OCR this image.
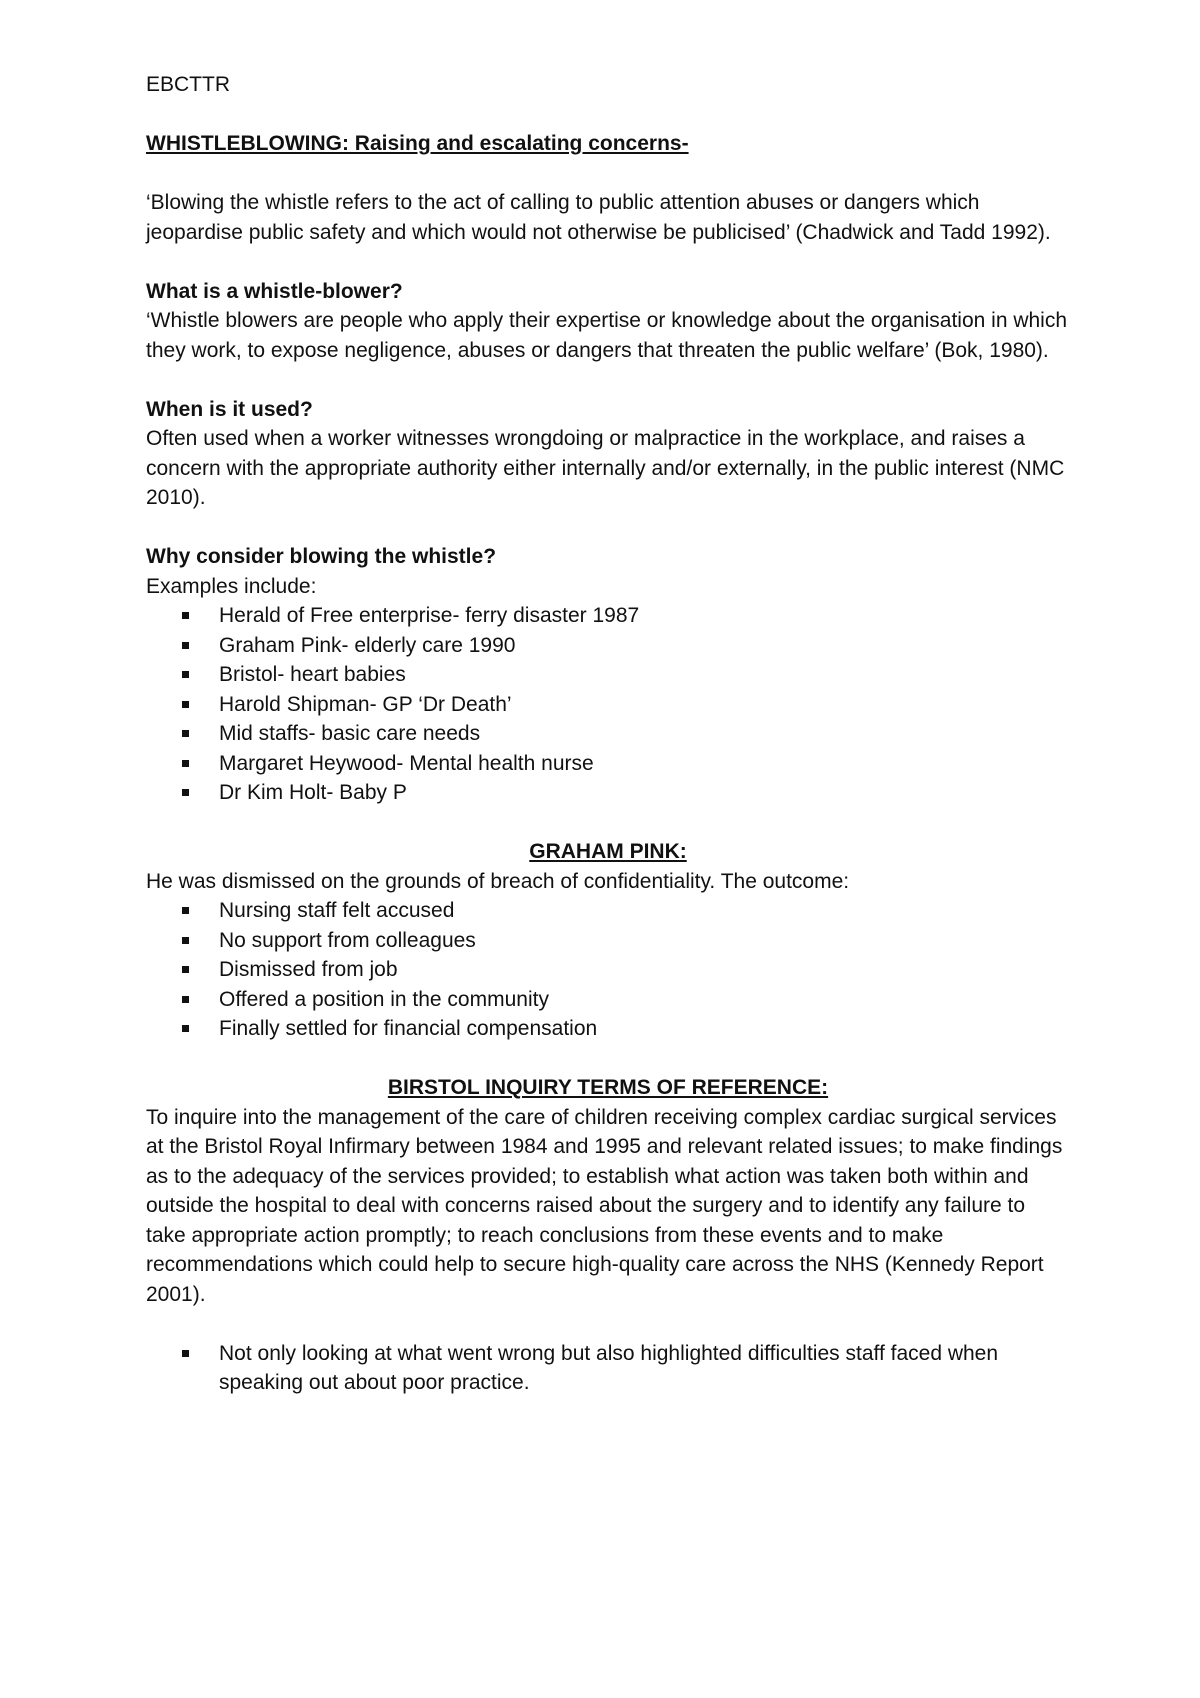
EBCTTR

WHISTLEBLOWING: Raising and escalating concerns-

‘Blowing the whistle refers to the act of calling to public attention abuses or dangers which jeopardise public safety and which would not otherwise be publicised’ (Chadwick and Tadd 1992).

What is a whistle-blower?

‘Whistle blowers are people who apply their expertise or knowledge about the organisation in which they work, to expose negligence, abuses or dangers that threaten the public welfare’ (Bok, 1980).

When is it used?

Often used when a worker witnesses wrongdoing or malpractice in the workplace, and raises a concern with the appropriate authority either internally and/or externally, in the public interest (NMC 2010).

Why consider blowing the whistle?

Examples include:

Herald of Free enterprise- ferry disaster 1987
Graham Pink- elderly care 1990
Bristol- heart babies
Harold Shipman- GP ‘Dr Death’
Mid staffs- basic care needs
Margaret Heywood- Mental health nurse
Dr Kim Holt- Baby P

GRAHAM PINK:

He was dismissed on the grounds of breach of confidentiality. The outcome:

Nursing staff felt accused
No support from colleagues
Dismissed from job
Offered a position in the community
Finally settled for financial compensation

BIRSTOL INQUIRY TERMS OF REFERENCE:

To inquire into the management of the care of children receiving complex cardiac surgical services at the Bristol Royal Infirmary between 1984 and 1995 and relevant related issues; to make findings as to the adequacy of the services provided; to establish what action was taken both within and outside the hospital to deal with concerns raised about the surgery and to identify any failure to take appropriate action promptly; to reach conclusions from these events and to make recommendations which could help to secure high-quality care across the NHS (Kennedy Report 2001).

Not only looking at what went wrong but also highlighted difficulties staff faced when speaking out about poor practice.
